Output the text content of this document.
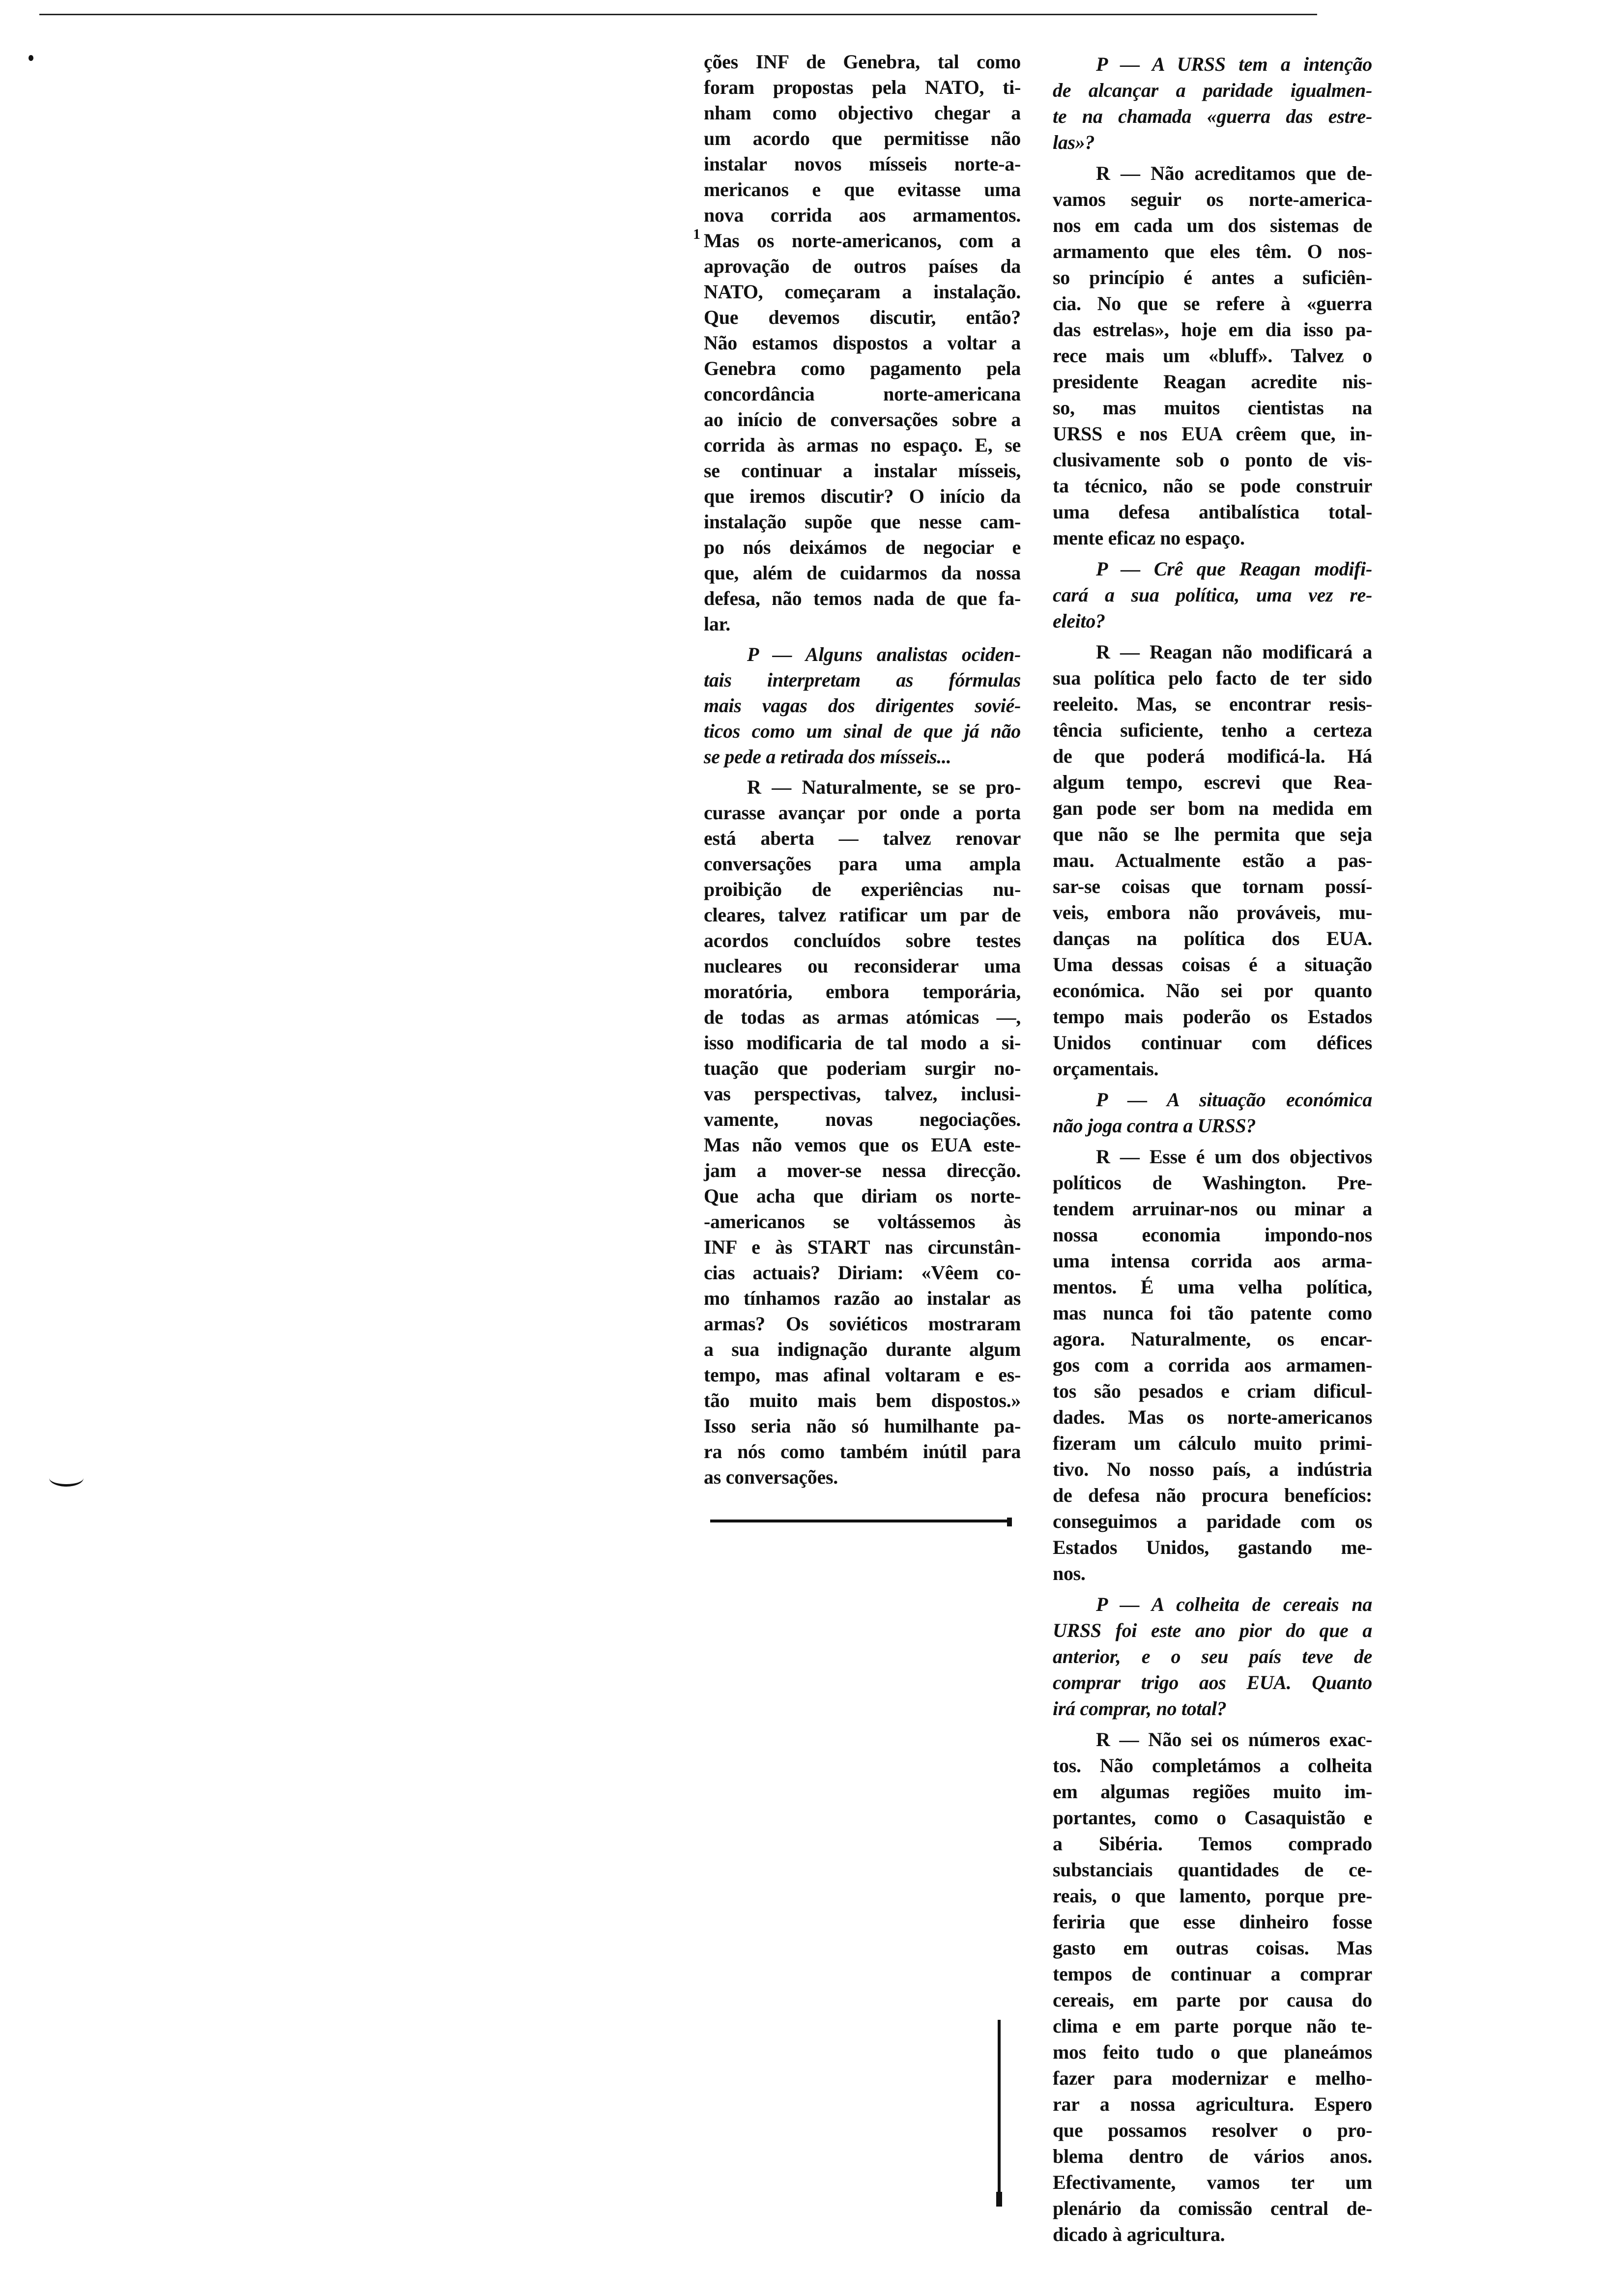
1
ções INF de Genebra, tal como
foram propostas pela NATO, ti-
nham como objectivo chegar a
um acordo que permitisse não
instalar novos mísseis norte-a-
mericanos e que evitasse uma
nova corrida aos armamentos.
Mas os norte-americanos, com a
aprovação de outros países da
NATO, começaram a instalação.
Que devemos discutir, então?
Não estamos dispostos a voltar a
Genebra como pagamento pela
concordância norte-americana
ao início de conversações sobre a
corrida às armas no espaço. E, se
se continuar a instalar mísseis,
que iremos discutir? O início da
instalação supõe que nesse cam-
po nós deixámos de negociar e
que, além de cuidarmos da nossa
defesa, não temos nada de que fa-
lar.
P — Alguns analistas ociden-
tais interpretam as fórmulas
mais vagas dos dirigentes sovié-
ticos como um sinal de que já não
se pede a retirada dos mísseis...
R — Naturalmente, se se pro-
curasse avançar por onde a porta
está aberta — talvez renovar
conversações para uma ampla
proibição de experiências nu-
cleares, talvez ratificar um par de
acordos concluídos sobre testes
nucleares ou reconsiderar uma
moratória, embora temporária,
de todas as armas atómicas —,
isso modificaria de tal modo a si-
tuação que poderiam surgir no-
vas perspectivas, talvez, inclusi-
vamente, novas negociações.
Mas não vemos que os EUA este-
jam a mover-se nessa direcção.
Que acha que diriam os norte-
-americanos se voltássemos às
INF e às START nas circunstân-
cias actuais? Diriam: «Vêem co-
mo tínhamos razão ao instalar as
armas? Os soviéticos mostraram
a sua indignação durante algum
tempo, mas afinal voltaram e es-
tão muito mais bem dispostos.»
Isso seria não só humilhante pa-
ra nós como também inútil para
as conversações.
P — A URSS tem a intenção
de alcançar a paridade igualmen-
te na chamada «guerra das estre-
las»?
R — Não acreditamos que de-
vamos seguir os norte-america-
nos em cada um dos sistemas de
armamento que eles têm. O nos-
so princípio é antes a suficiên-
cia. No que se refere à «guerra
das estrelas», hoje em dia isso pa-
rece mais um «bluff». Talvez o
presidente Reagan acredite nis-
so, mas muitos cientistas na
URSS e nos EUA crêem que, in-
clusivamente sob o ponto de vis-
ta técnico, não se pode construir
uma defesa antibalística total-
mente eficaz no espaço.
P — Crê que Reagan modifi-
cará a sua política, uma vez re-
eleito?
R — Reagan não modificará a
sua política pelo facto de ter sido
reeleito. Mas, se encontrar resis-
tência suficiente, tenho a certeza
de que poderá modificá-la. Há
algum tempo, escrevi que Rea-
gan pode ser bom na medida em
que não se lhe permita que seja
mau. Actualmente estão a pas-
sar-se coisas que tornam possí-
veis, embora não prováveis, mu-
danças na política dos EUA.
Uma dessas coisas é a situação
económica. Não sei por quanto
tempo mais poderão os Estados
Unidos continuar com défices
orçamentais.
P — A situação económica
não joga contra a URSS?
R — Esse é um dos objectivos
políticos de Washington. Pre-
tendem arruinar-nos ou minar a
nossa economia impondo-nos
uma intensa corrida aos arma-
mentos. É uma velha política,
mas nunca foi tão patente como
agora. Naturalmente, os encar-
gos com a corrida aos armamen-
tos são pesados e criam dificul-
dades. Mas os norte-americanos
fizeram um cálculo muito primi-
tivo. No nosso país, a indústria
de defesa não procura benefícios:
conseguimos a paridade com os
Estados Unidos, gastando me-
nos.
P — A colheita de cereais na
URSS foi este ano pior do que a
anterior, e o seu país teve de
comprar trigo aos EUA. Quanto
irá comprar, no total?
R — Não sei os números exac-
tos. Não completámos a colheita
em algumas regiões muito im-
portantes, como o Casaquistão e
a Sibéria. Temos comprado
substanciais quantidades de ce-
reais, o que lamento, porque pre-
feriria que esse dinheiro fosse
gasto em outras coisas. Mas
tempos de continuar a comprar
cereais, em parte por causa do
clima e em parte porque não te-
mos feito tudo o que planeámos
fazer para modernizar e melho-
rar a nossa agricultura. Espero
que possamos resolver o pro-
blema dentro de vários anos.
Efectivamente, vamos ter um
plenário da comissão central de-
dicado à agricultura.
